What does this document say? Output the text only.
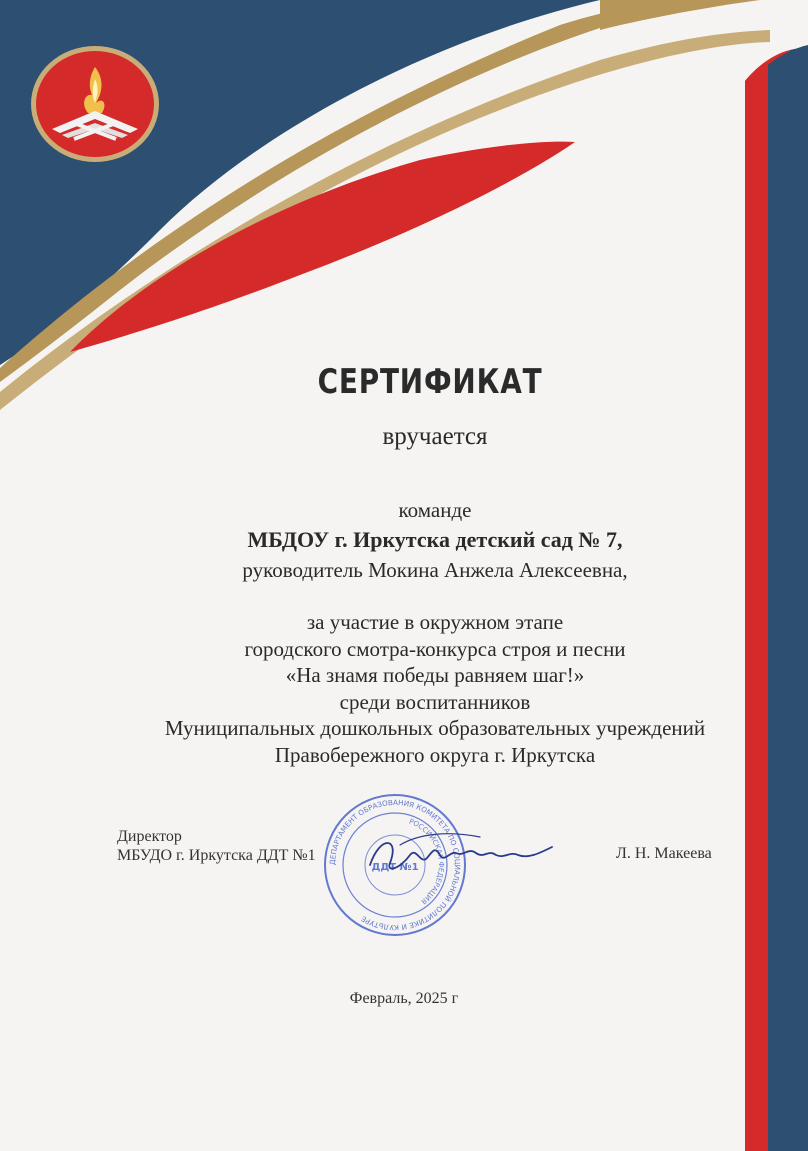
СЕРТИФИКАТ
вручается
команде
МБДОУ г. Иркутска детский сад № 7,
руководитель Мокина Анжела Алексеевна,
за участие в окружном этапе
городского смотра-конкурса строя и песни
«На знамя победы равняем шаг!»
среди воспитанников
Муниципальных дошкольных образовательных учреждений
Правобережного округа г. Иркутска
ДЕПАРТАМЕНТ ОБРАЗОВАНИЯ КОМИТЕТА ПО СОЦИАЛЬНОЙ ПОЛИТИКЕ И КУЛЬТУРЕ
РОССИЙСКАЯ ФЕДЕРАЦИЯ
ДДТ №1
Директор
МБУДО г. Иркутска ДДТ №1	Л. Н. Макеева
Февраль, 2025 г
